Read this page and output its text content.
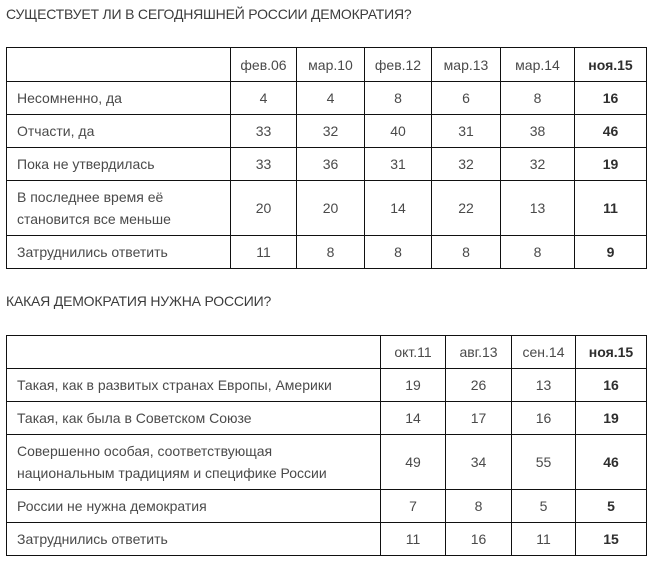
СУЩЕСТВУЕТ ЛИ В СЕГОДНЯШНЕЙ РОССИИ ДЕМОКРАТИЯ?
	фев.06	мар.10	фев.12	мар.13	мар.14	ноя.15
Несомненно, да	4	4	8	6	8	16
Отчасти, да	33	32	40	31	38	46
Пока не утвердилась	33	36	31	32	32	19
В последнее время её
становится все меньше	20	20	14	22	13	11
Затруднились ответить	11	8	8	8	8	9
КАКАЯ ДЕМОКРАТИЯ НУЖНА РОССИИ?
	окт.11	авг.13	сен.14	ноя.15
Такая, как в развитых странах Европы, Америки	19	26	13	16
Такая, как была в Советском Союзе	14	17	16	19
Совершенно особая, соответствующая
национальным традициям и специфике России	49	34	55	46
России не нужна демократия	7	8	5	5
Затруднились ответить	11	16	11	15
